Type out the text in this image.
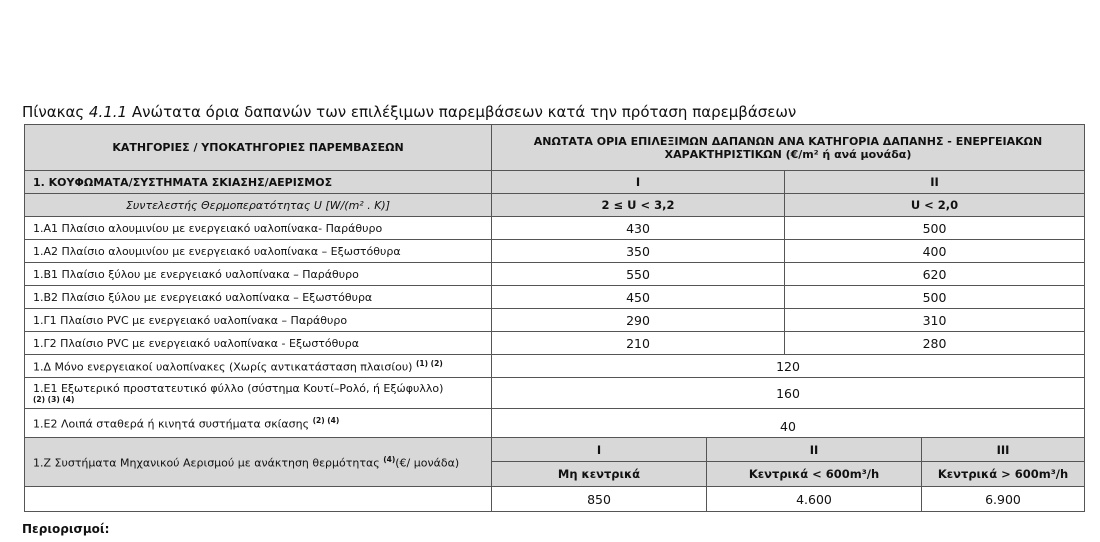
Πίνακας 4.1.1 Ανώτατα όρια δαπανών των επιλέξιμων παρεμβάσεων κατά την πρόταση παρεμβάσεων
ΚΑΤΗΓΟΡΙΕΣ / ΥΠΟΚΑΤΗΓΟΡΙΕΣ ΠΑΡΕΜΒΑΣΕΩΝ	ΑΝΩΤΑΤΑ ΟΡΙΑ ΕΠΙΛΕΞΙΜΩΝ ΔΑΠΑΝΩΝ ΑΝΑ ΚΑΤΗΓΟΡΙΑ ΔΑΠΑΝΗΣ - ΕΝΕΡΓΕΙΑΚΩΝ ΧΑΡΑΚΤΗΡΙΣΤΙΚΩΝ (€/m² ή ανά μονάδα)			
1. ΚΟΥΦΩΜΑΤΑ/ΣΥΣΤΗΜΑΤΑ ΣΚΙΑΣΗΣ/ΑΕΡΙΣΜΟΣ	I		II	
Συντελεστής Θερμοπερατότητας U [W/(m² . K)]	2 ≤ U < 3,2		U < 2,0	
1.Α1 Πλαίσιο αλουμινίου με ενεργειακό υαλοπίνακα- Παράθυρο	430		500	
1.Α2 Πλαίσιο αλουμινίου με ενεργειακό υαλοπίνακα – Εξωστόθυρα	350		400	
1.Β1 Πλαίσιο ξύλου με ενεργειακό υαλοπίνακα – Παράθυρο	550		620	
1.Β2 Πλαίσιο ξύλου με ενεργειακό υαλοπίνακα – Εξωστόθυρα	450		500	
1.Γ1 Πλαίσιο PVC με ενεργειακό υαλοπίνακα – Παράθυρο	290		310	
1.Γ2 Πλαίσιο PVC με ενεργειακό υαλοπίνακα - Εξωστόθυρα	210		280	
1.Δ Μόνο ενεργειακοί υαλοπίνακες (Χωρίς αντικατάσταση πλαισίου) $^{(1) (2)}$	120			
1.Ε1 Εξωτερικό προστατευτικό φύλλο (σύστημα Κουτί–Ρολό, ή Εξώφυλλο)
(2) (3) (4)	160			
1.Ε2 Λοιπά σταθερά ή κινητά συστήματα σκίασης $^{(2) (4)}$	40			
1.Ζ Συστήματα Μηχανικού Αερισμού με ανάκτηση θερμότητας $^{(4)}$(€/ μονάδα)	I	II		III
	Μη κεντρικά	Κεντρικά < 600m³/h		Κεντρικά > 600m³/h
	850	4.600		6.900
Περιορισμοί:
